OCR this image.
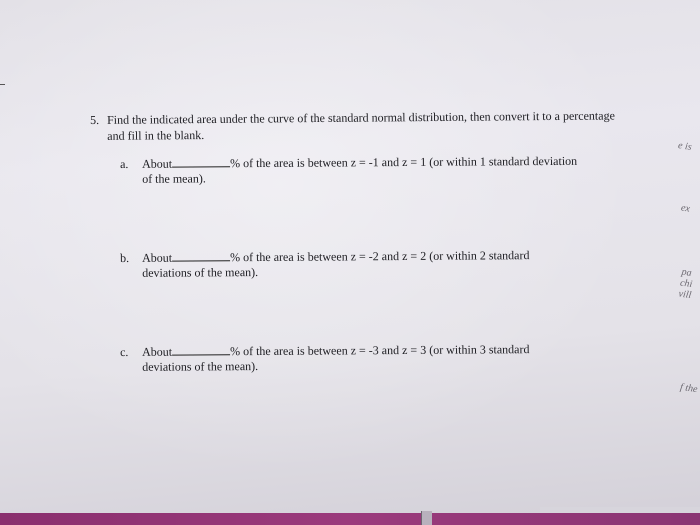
5. Find the indicated area under the curve of the standard normal distribution, then convert it to a percentage and fill in the blank.
a. About	% of the area is between z = -1 and z = 1 (or within 1 standard deviation
of the mean).
b. About	% of the area is between z = -2 and z = 2 (or within 2 standard
deviations of the mean).
c. About	% of the area is between z = -3 and z = 3 (or within 3 standard
deviations of the mean).
e is
ex
pa chi vill
f the
